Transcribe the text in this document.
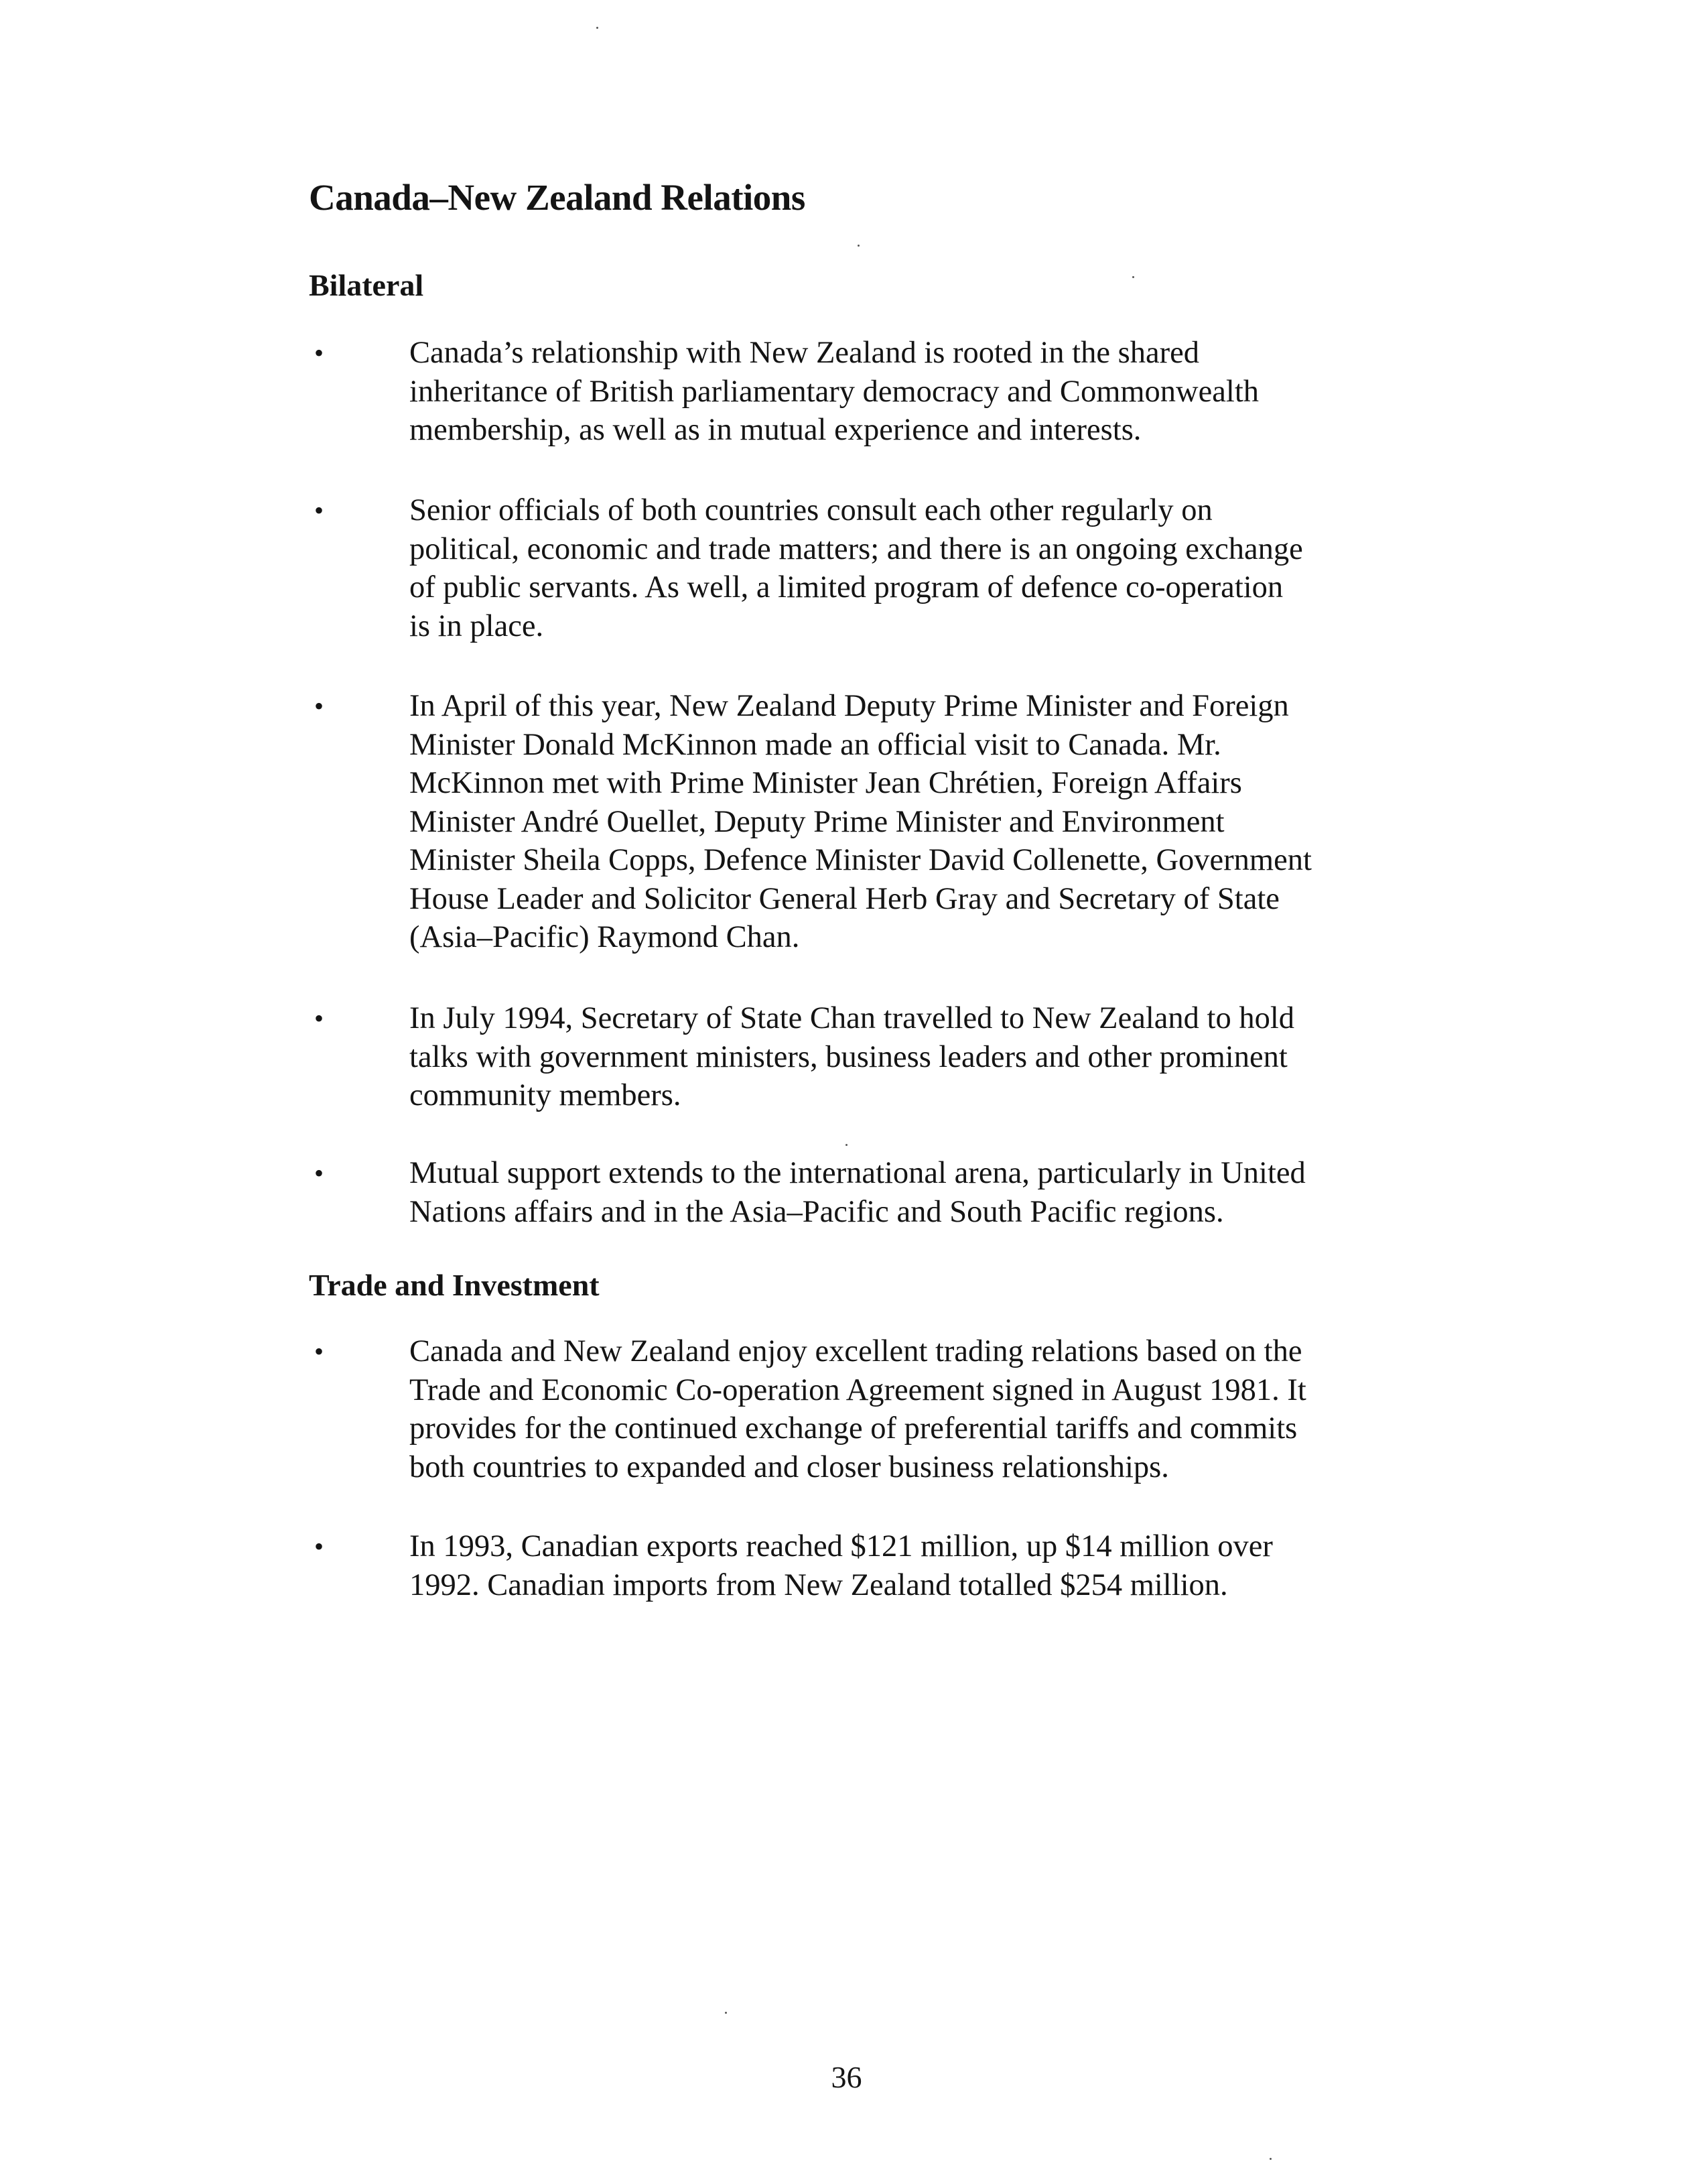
Canada–New Zealand Relations
Bilateral
•	Canada’s relationship with New Zealand is rooted in the shared
inheritance of British parliamentary democracy and Commonwealth
membership, as well as in mutual experience and interests.

•	Senior officials of both countries consult each other regularly on
political, economic and trade matters; and there is an ongoing exchange
of public servants. As well, a limited program of defence co-operation
is in place.

•	In April of this year, New Zealand Deputy Prime Minister and Foreign
Minister Donald McKinnon made an official visit to Canada. Mr.
McKinnon met with Prime Minister Jean Chrétien, Foreign Affairs
Minister André Ouellet, Deputy Prime Minister and Environment
Minister Sheila Copps, Defence Minister David Collenette, Government
House Leader and Solicitor General Herb Gray and Secretary of State
(Asia–Pacific) Raymond Chan.

•	In July 1994, Secretary of State Chan travelled to New Zealand to hold
talks with government ministers, business leaders and other prominent
community members.

•	Mutual support extends to the international arena, particularly in United
Nations affairs and in the Asia–Pacific and South Pacific regions.

Trade and Investment
•	Canada and New Zealand enjoy excellent trading relations based on the
Trade and Economic Co-operation Agreement signed in August 1981. It
provides for the continued exchange of preferential tariffs and commits
both countries to expanded and closer business relationships.

•	In 1993, Canadian exports reached $121 million, up $14 million over
1992. Canadian imports from New Zealand totalled $254 million.

36
